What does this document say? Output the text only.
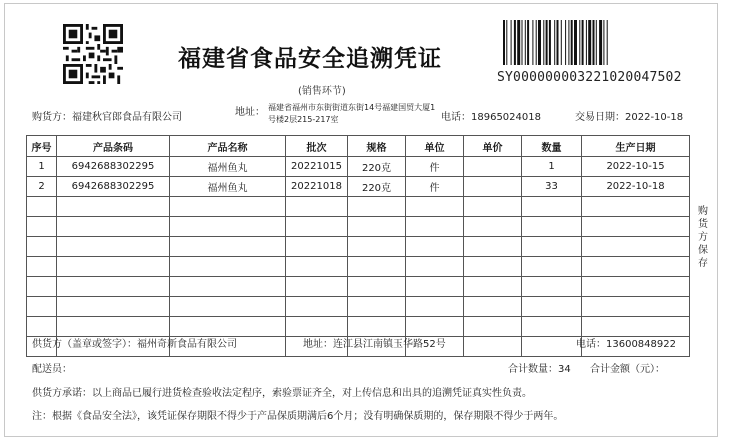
福建省食品安全追溯凭证
(销售环节)
SY000000003221020047502
购货方：福建秋官郎食品有限公司	地址： 福建省福州市东街街道东街14号福建国贸大厦1号楼2层215-217室	电话：18965024018	交易日期：2022-10-18
序号	产品条码	产品名称	批次	规格	单位	单价	数量	生产日期
1	6942688302295	福州鱼丸	20221015	220克	件		1	2022-10-15
2	6942688302295	福州鱼丸	20221018	220克	件		33	2022-10-18

购货方保存
供货方（盖章或签字）：福州奇新食品有限公司	地址：连江县江南镇玉华路52号	电话：13600848922
配送员：	合计数量：34 合计金额（元）：
供货方承诺：以上商品已履行进货检查验收法定程序，索验票证齐全，对上传信息和出具的追溯凭证真实性负责。
注：根据《食品安全法》，该凭证保存期限不得少于产品保质期满后6个月；没有明确保质期的，保存期限不得少于两年。
